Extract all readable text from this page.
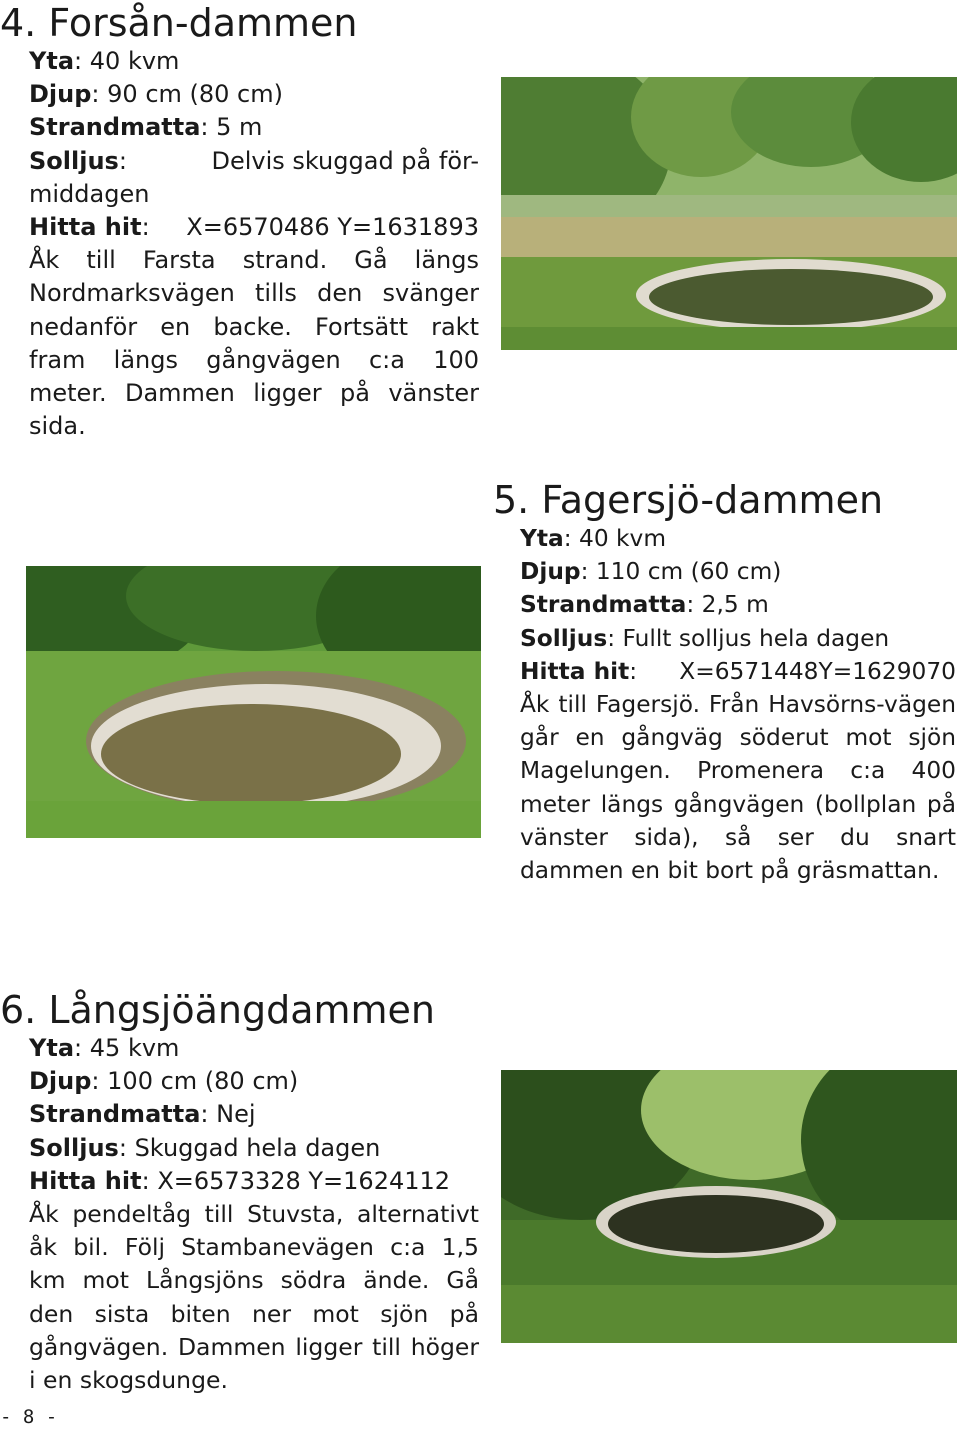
4. Forsån-dammen
Yta: 40 kvm
Djup: 90 cm (80 cm)
Strandmatta: 5 m
Solljus:	Delvis skuggad på för-
middagen
Hitta hit: X=6570486 Y=1631893
Åk till Farsta strand. Gå längs Nordmarksvägen tills den svänger nedanför en backe. Fortsätt rakt fram längs gångvägen c:a 100 meter. Dammen ligger på vänster sida.
5. Fagersjö-dammen
Yta: 40 kvm
Djup: 110 cm (60 cm)
Strandmatta: 2,5 m
Solljus: Fullt solljus hela dagen
Hitta hit: X=6571448Y=1629070
Åk till Fagersjö. Från Havsörns-vägen går en gångväg söderut mot sjön Magelungen. Promenera c:a 400 meter längs gångvägen (bollplan på vänster sida), så ser du snart dammen en bit bort på gräsmattan.
6. Långsjöängdammen
Yta: 45 kvm
Djup: 100 cm (80 cm)
Strandmatta: Nej
Solljus: Skuggad hela dagen
Hitta hit: X=6573328 Y=1624112
Åk pendeltåg till Stuvsta, alternativt åk bil. Följ Stambanevägen c:a 1,5 km mot Långsjöns södra ände. Gå den sista biten ner mot sjön på gångvägen. Dammen ligger till höger i en skogsdunge.
- 8 -
